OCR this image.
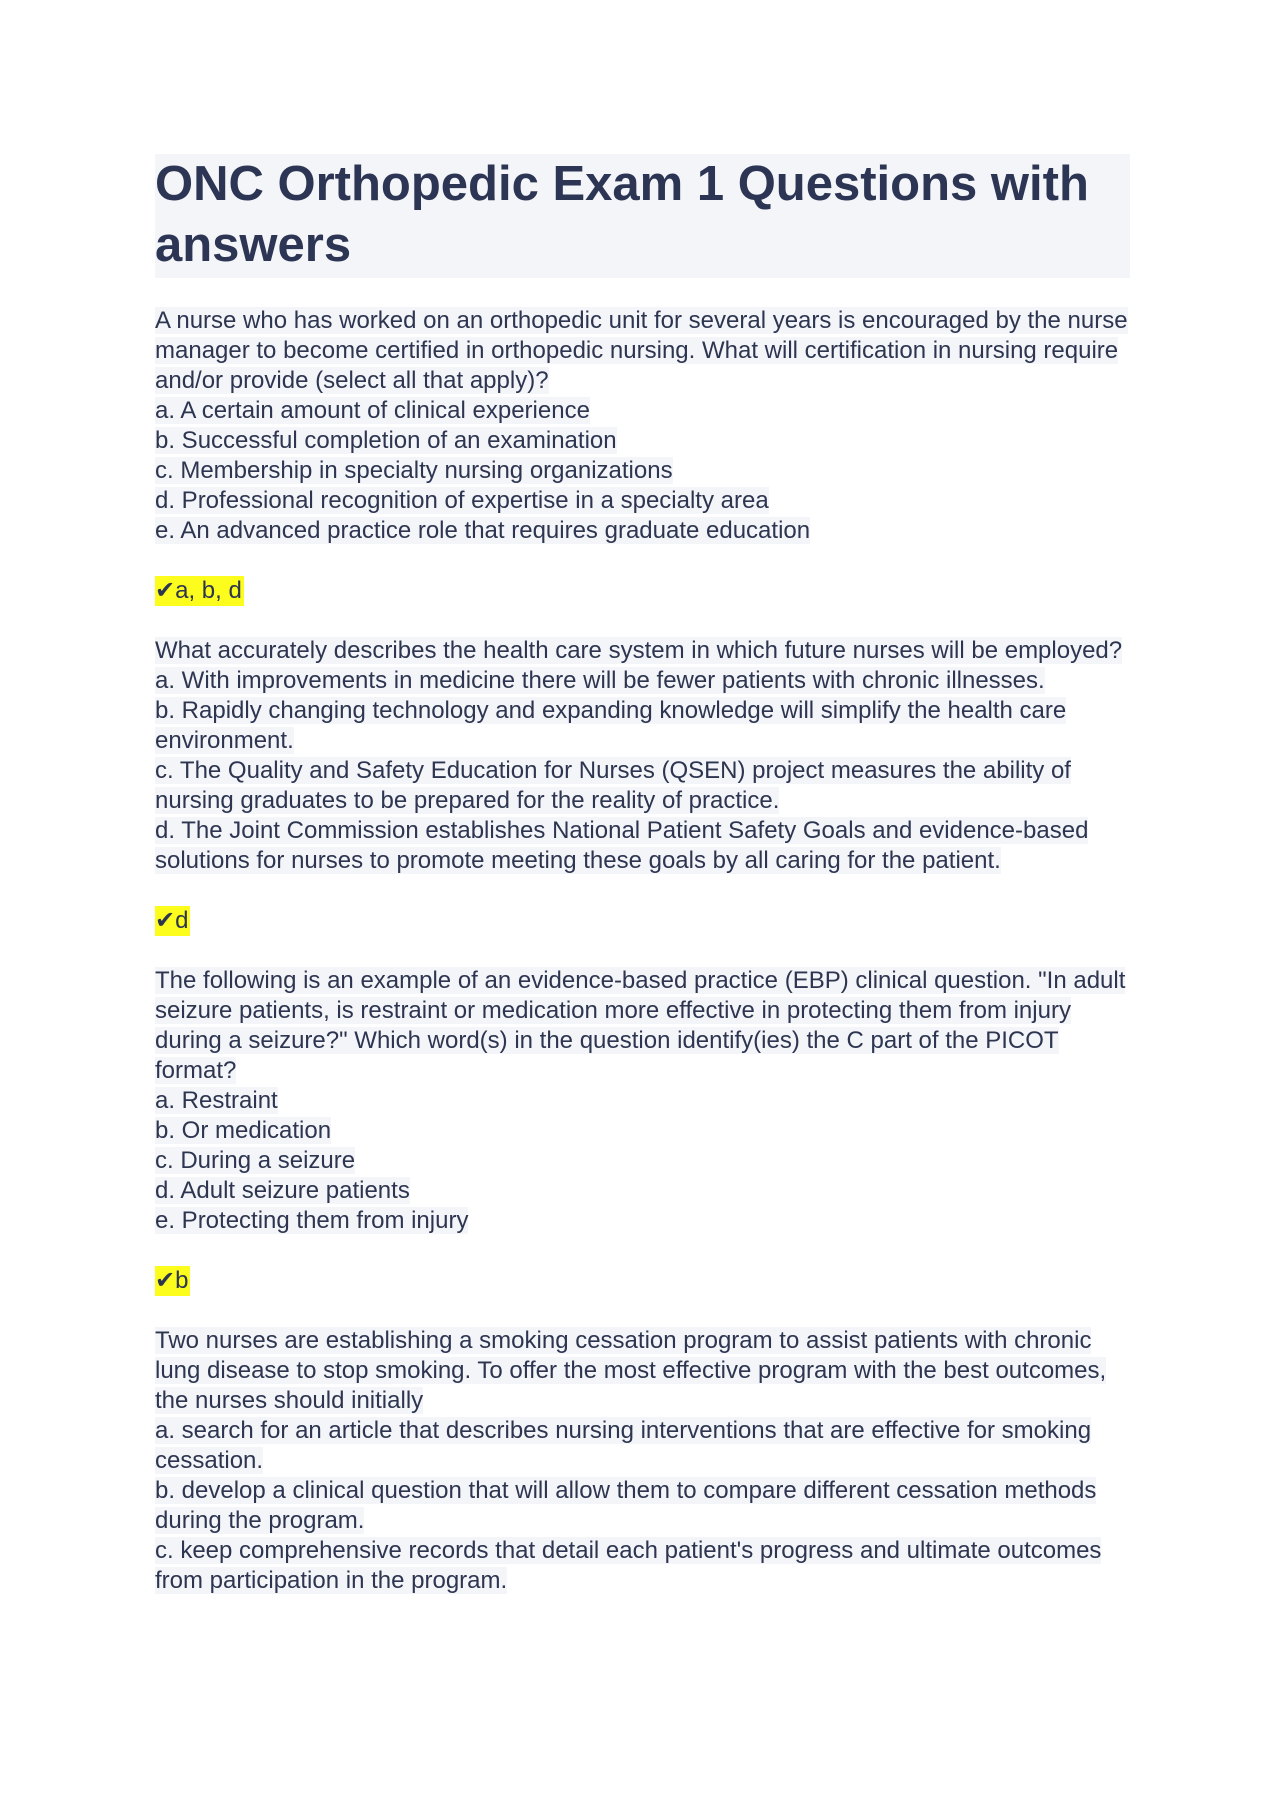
ONC Orthopedic Exam 1 Questions with answers
A nurse who has worked on an orthopedic unit for several years is encouraged by the nurse manager to become certified in orthopedic nursing. What will certification in nursing require and/or provide (select all that apply)?
a. A certain amount of clinical experience
b. Successful completion of an examination
c. Membership in specialty nursing organizations
d. Professional recognition of expertise in a specialty area
e. An advanced practice role that requires graduate education
✔a, b, d
What accurately describes the health care system in which future nurses will be employed?
a. With improvements in medicine there will be fewer patients with chronic illnesses.
b. Rapidly changing technology and expanding knowledge will simplify the health care environment.
c. The Quality and Safety Education for Nurses (QSEN) project measures the ability of nursing graduates to be prepared for the reality of practice.
d. The Joint Commission establishes National Patient Safety Goals and evidence-based solutions for nurses to promote meeting these goals by all caring for the patient.
✔d
The following is an example of an evidence-based practice (EBP) clinical question. "In adult seizure patients, is restraint or medication more effective in protecting them from injury during a seizure?" Which word(s) in the question identify(ies) the C part of the PICOT format?
a. Restraint
b. Or medication
c. During a seizure
d. Adult seizure patients
e. Protecting them from injury
✔b
Two nurses are establishing a smoking cessation program to assist patients with chronic lung disease to stop smoking. To offer the most effective program with the best outcomes, the nurses should initially
a. search for an article that describes nursing interventions that are effective for smoking cessation.
b. develop a clinical question that will allow them to compare different cessation methods during the program.
c. keep comprehensive records that detail each patient's progress and ultimate outcomes from participation in the program.
